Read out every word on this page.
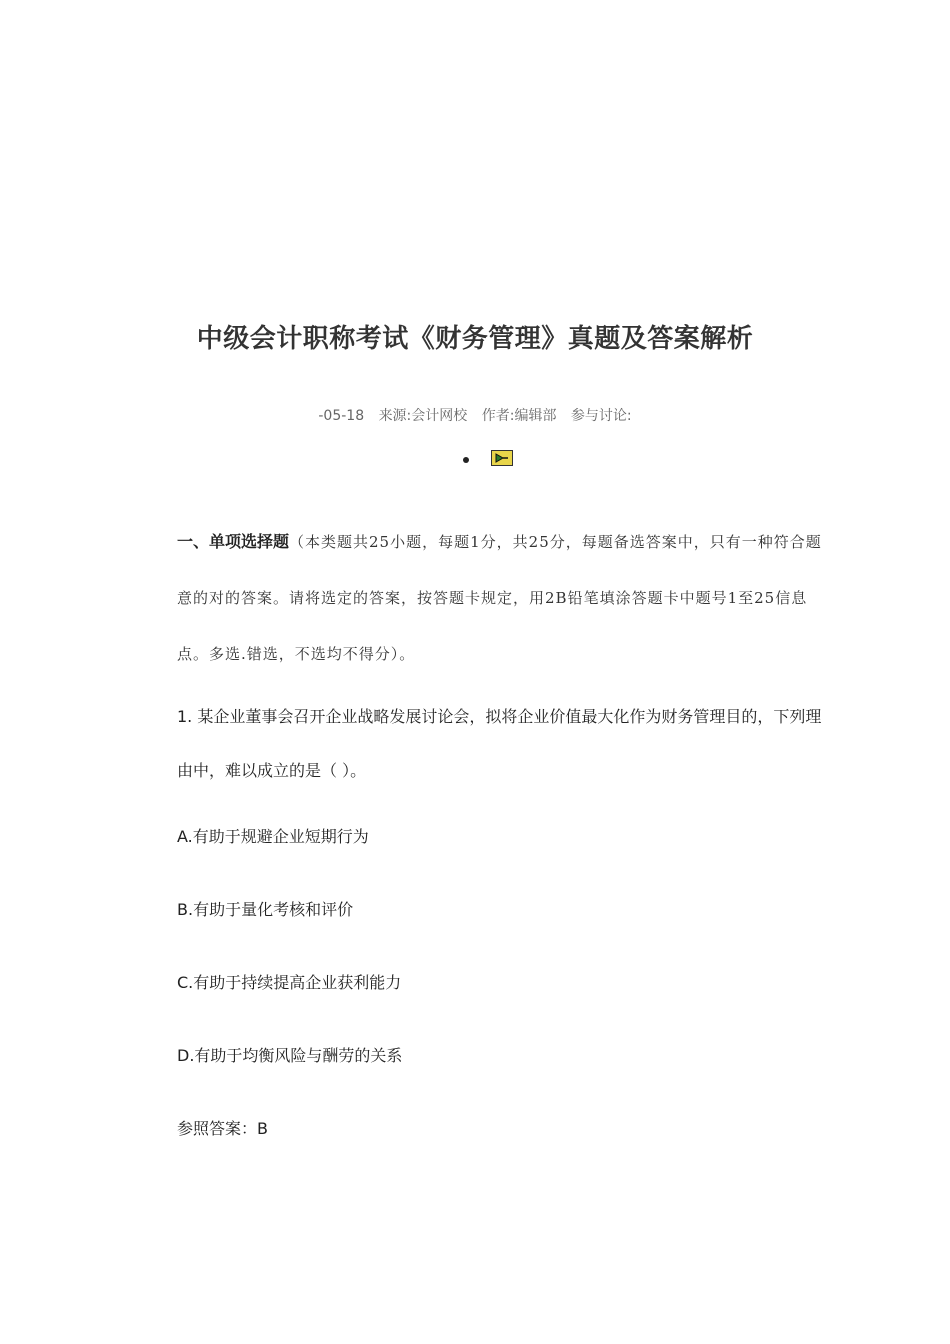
中级会计职称考试《财务管理》真题及答案解析
-05-18 来源:会计网校 作者:编辑部 参与讨论:
一、单项选择题（本类题共25小题，每题1分，共25分，每题备选答案中，只有一种符合题意的对的答案。请将选定的答案，按答题卡规定，用2B铅笔填涂答题卡中题号1至25信息点。多选.错选，不选均不得分）。
1. 某企业董事会召开企业战略发展讨论会，拟将企业价值最大化作为财务管理目的，下列理由中，难以成立的是（ ）。
A.有助于规避企业短期行为
B.有助于量化考核和评价
C.有助于持续提高企业获利能力
D.有助于均衡风险与酬劳的关系
参照答案：B
